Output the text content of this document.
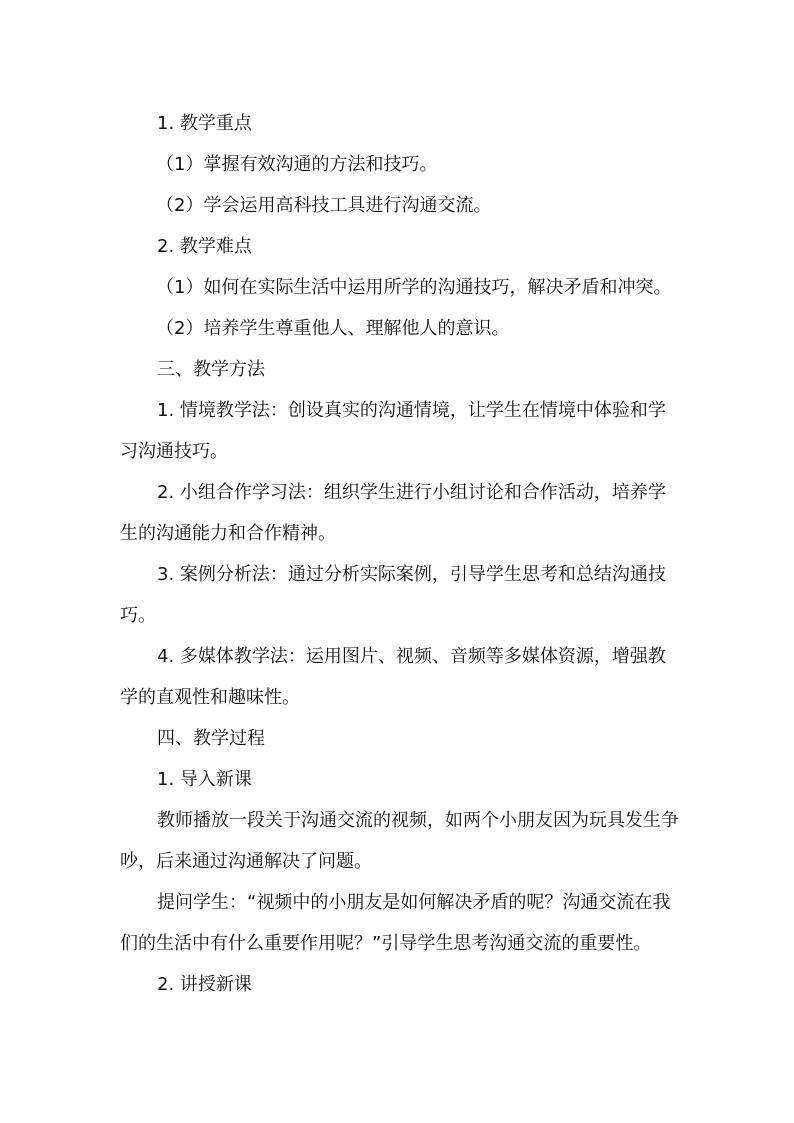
1. 教学重点

（1）掌握有效沟通的方法和技巧。

（2）学会运用高科技工具进行沟通交流。

2. 教学难点

（1）如何在实际生活中运用所学的沟通技巧，解决矛盾和冲突。

（2）培养学生尊重他人、理解他人的意识。

三、教学方法

1. 情境教学法：创设真实的沟通情境，让学生在情境中体验和学习沟通技巧。

2. 小组合作学习法：组织学生进行小组讨论和合作活动，培养学生的沟通能力和合作精神。

3. 案例分析法：通过分析实际案例，引导学生思考和总结沟通技巧。

4. 多媒体教学法：运用图片、视频、音频等多媒体资源，增强教学的直观性和趣味性。

四、教学过程

1. 导入新课

教师播放一段关于沟通交流的视频，如两个小朋友因为玩具发生争吵，后来通过沟通解决了问题。

提问学生：“视频中的小朋友是如何解决矛盾的呢？沟通交流在我们的生活中有什么重要作用呢？”引导学生思考沟通交流的重要性。

2. 讲授新课
